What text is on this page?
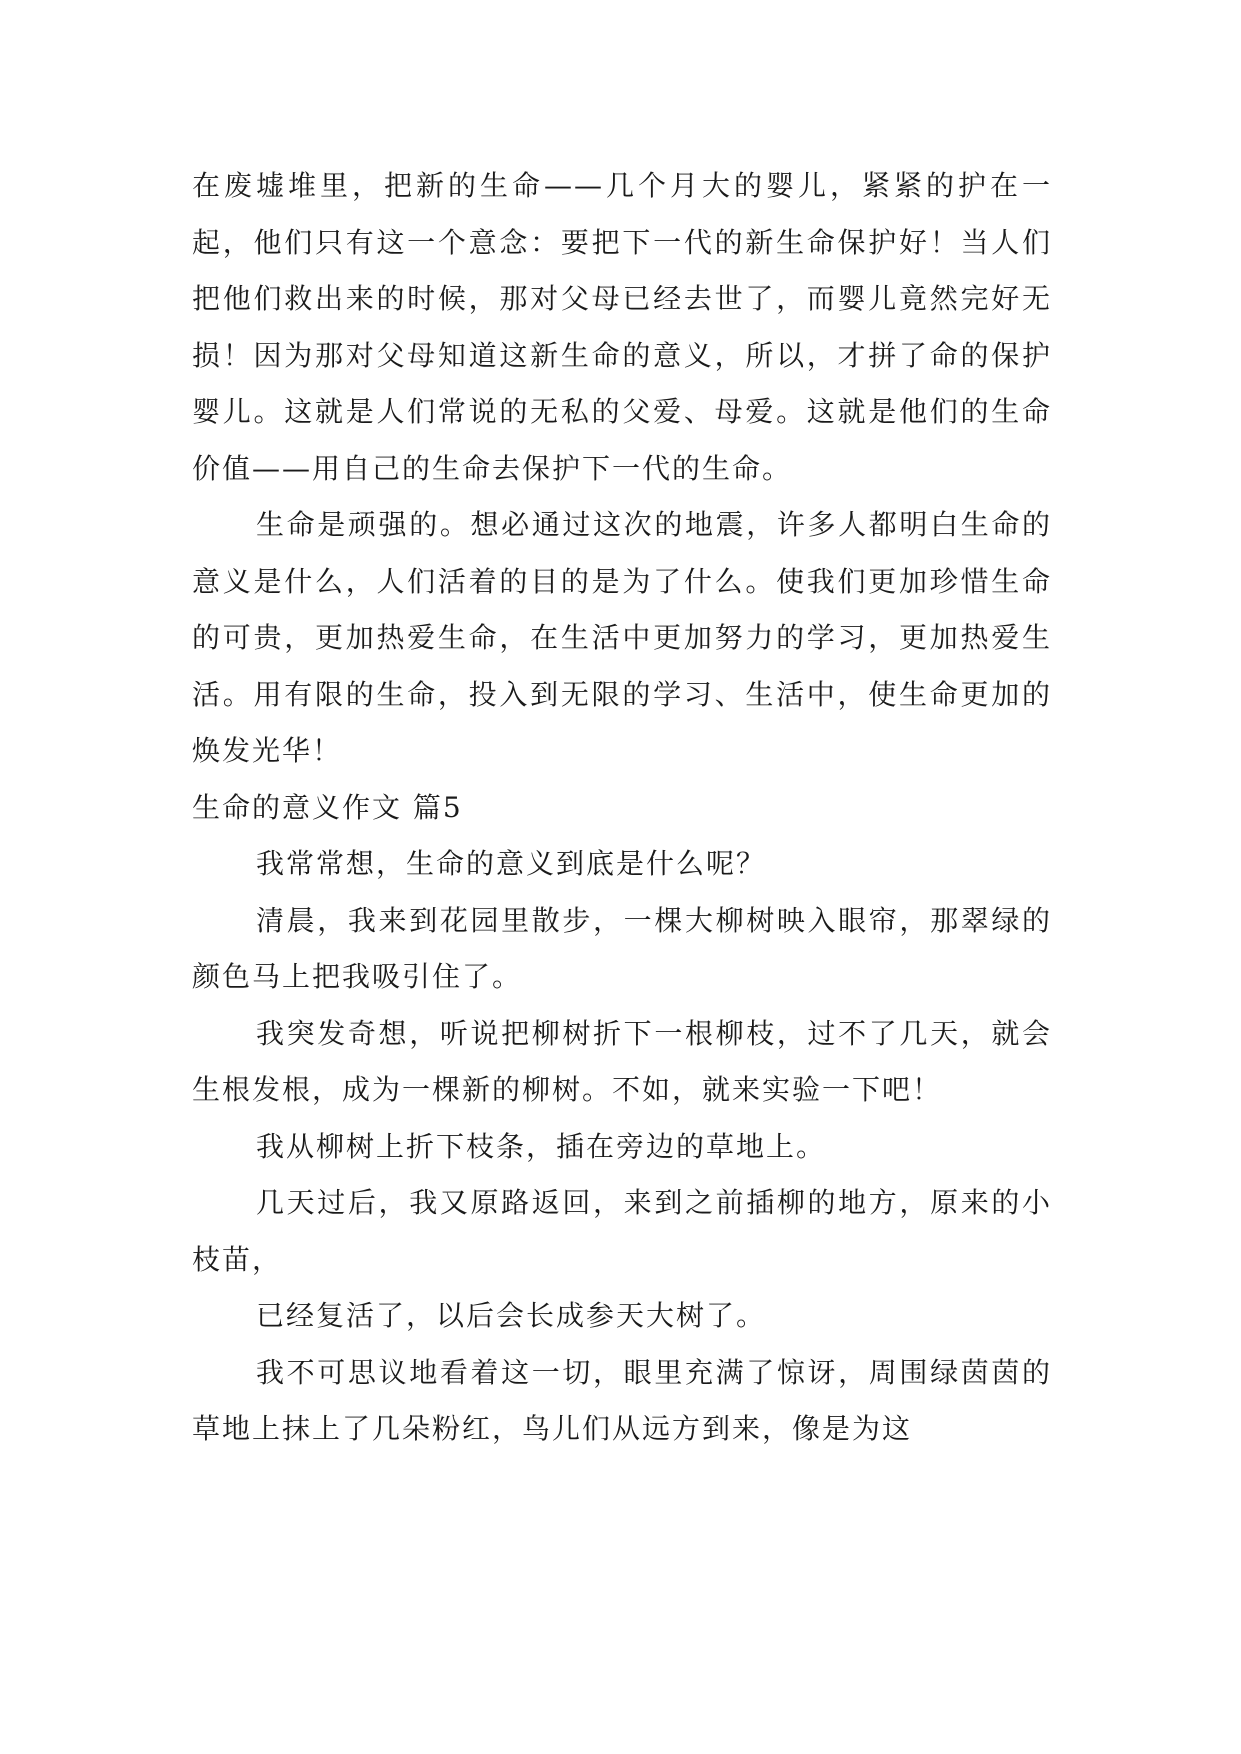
在废墟堆里，把新的生命——几个月大的婴儿，紧紧的护在一起，他们只有这一个意念：要把下一代的新生命保护好！当人们把他们救出来的时候，那对父母已经去世了，而婴儿竟然完好无损！因为那对父母知道这新生命的意义，所以，才拼了命的保护婴儿。这就是人们常说的无私的父爱、母爱。这就是他们的生命价值——用自己的生命去保护下一代的生命。

生命是顽强的。想必通过这次的地震，许多人都明白生命的意义是什么，人们活着的目的是为了什么。使我们更加珍惜生命的可贵，更加热爱生命，在生活中更加努力的学习，更加热爱生活。用有限的生命，投入到无限的学习、生活中，使生命更加的焕发光华！

生命的意义作文 篇5

我常常想，生命的意义到底是什么呢？

清晨，我来到花园里散步，一棵大柳树映入眼帘，那翠绿的颜色马上把我吸引住了。

我突发奇想，听说把柳树折下一根柳枝，过不了几天，就会生根发根，成为一棵新的柳树。不如，就来实验一下吧！

我从柳树上折下枝条，插在旁边的草地上。

几天过后，我又原路返回，来到之前插柳的地方，原来的小枝苗，

已经复活了，以后会长成参天大树了。

我不可思议地看着这一切，眼里充满了惊讶，周围绿茵茵的草地上抹上了几朵粉红，鸟儿们从远方到来，像是为这
